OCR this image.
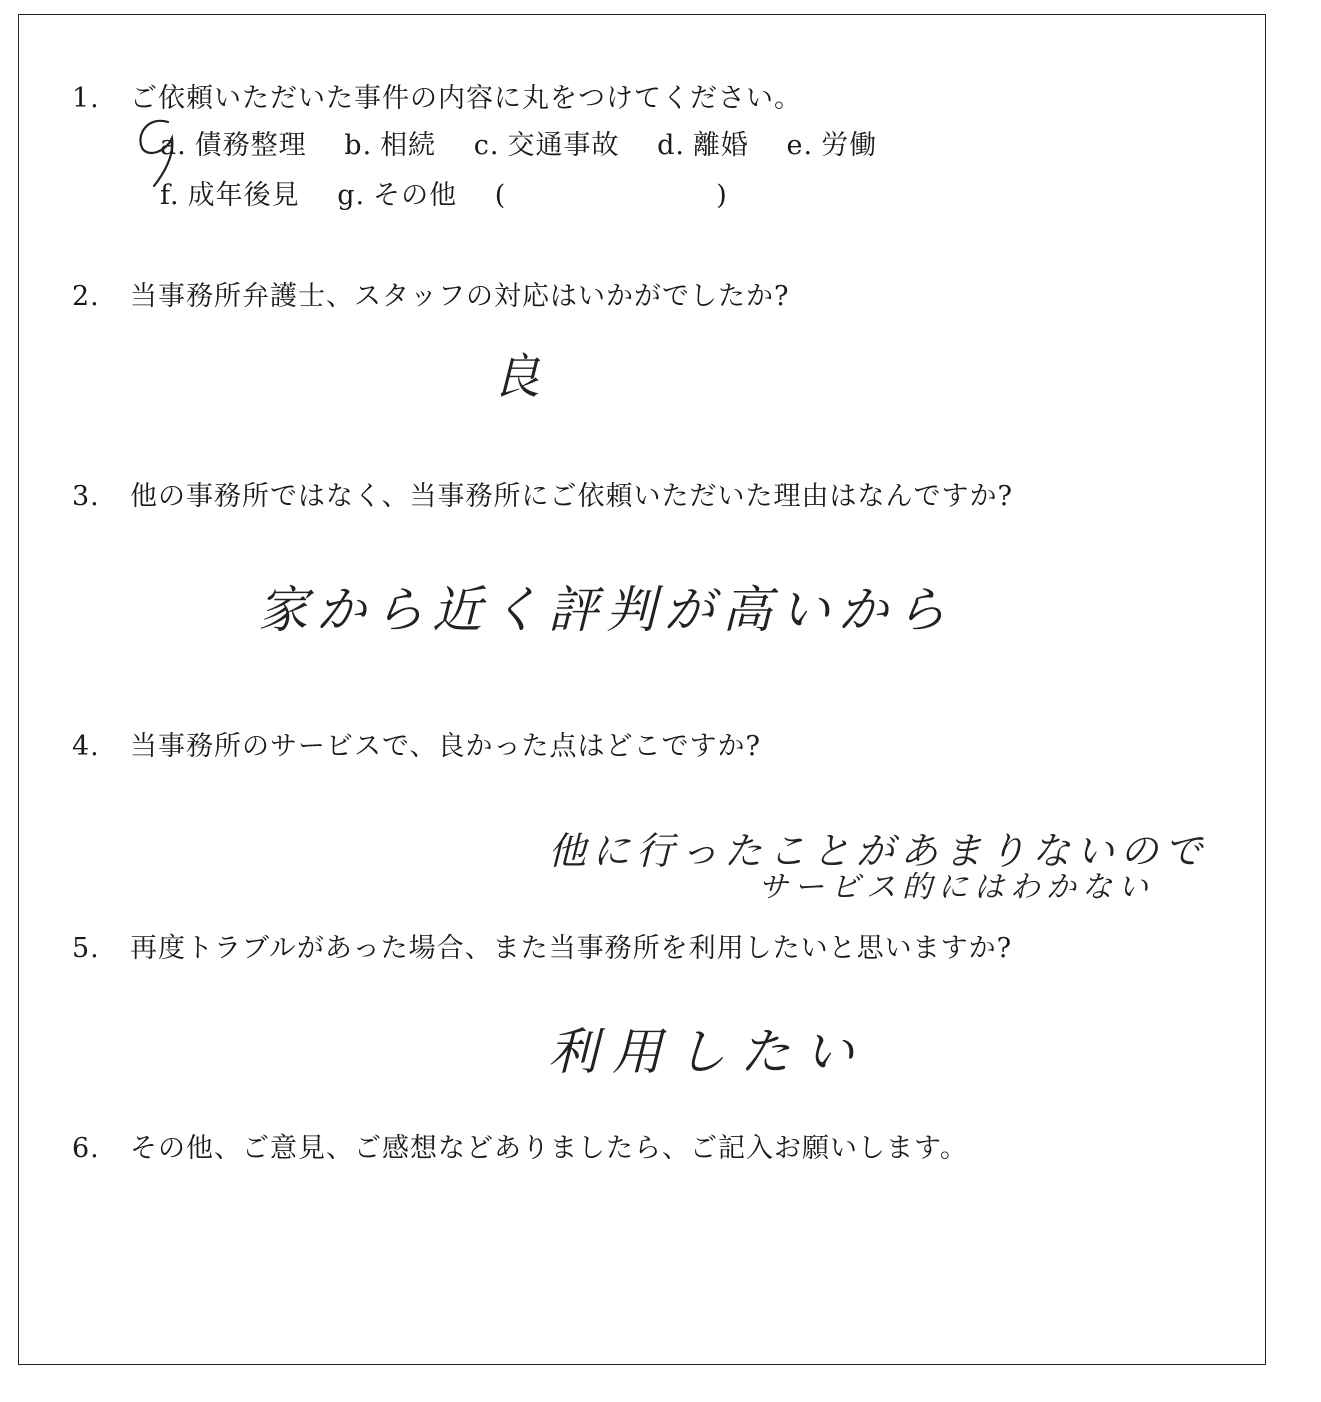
1. ご依頼いただいた事件の内容に丸をつけてください。
a. 債務整理 b. 相続 c. 交通事故 d. 離婚 e. 労働
f. 成年後見 g. その他 (	)
2. 当事務所弁護士、スタッフの対応はいかがでしたか?
良
3. 他の事務所ではなく、当事務所にご依頼いただいた理由はなんですか?
家から近く評判が高いから
4. 当事務所のサービスで、良かった点はどこですか?
他に行ったことがあまりないので
サービス的にはわかない
5. 再度トラブルがあった場合、また当事務所を利用したいと思いますか?
利用したい
6. その他、ご意見、ご感想などありましたら、ご記入お願いします。
